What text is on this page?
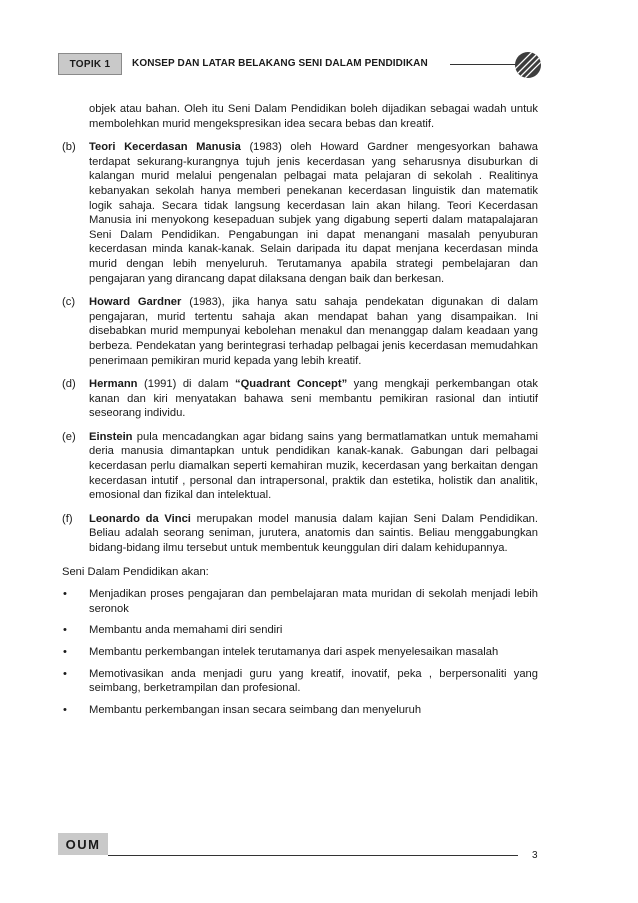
TOPIK 1	KONSEP DAN LATAR BELAKANG SENI DALAM PENDIDIKAN

objek atau bahan. Oleh itu Seni Dalam Pendidikan boleh dijadikan sebagai wadah untuk membolehkan murid mengekspresikan idea secara bebas dan kreatif.

(b) Teori Kecerdasan Manusia (1983) oleh Howard Gardner mengesyorkan bahawa terdapat sekurang-kurangnya tujuh jenis kecerdasan yang seharusnya disuburkan di kalangan murid melalui pengenalan pelbagai mata pelajaran di sekolah . Realitinya kebanyakan sekolah hanya memberi penekanan kecerdasan linguistik dan matematik logik sahaja. Secara tidak langsung kecerdasan lain akan hilang. Teori Kecerdasan Manusia ini menyokong kesepaduan subjek yang digabung seperti dalam matapalajaran Seni Dalam Pendidikan. Pengabungan ini dapat menangani masalah penyuburan kecerdasan minda kanak-kanak. Selain daripada itu dapat menjana kecerdasan minda murid dengan lebih menyeluruh. Terutamanya apabila strategi pembelajaran dan pengajaran yang dirancang dapat dilaksana dengan baik dan berkesan.
(c) Howard Gardner (1983), jika hanya satu sahaja pendekatan digunakan di dalam pengajaran, murid tertentu sahaja akan mendapat bahan yang disampaikan. Ini disebabkan murid mempunyai kebolehan menakul dan menanggap dalam keadaan yang berbeza. Pendekatan yang berintegrasi terhadap pelbagai jenis kecerdasan memudahkan penerimaan pemikiran murid kepada yang lebih kreatif.
(d) Hermann (1991) di dalam “Quadrant Concept” yang mengkaji perkembangan otak kanan dan kiri menyatakan bahawa seni membantu pemikiran rasional dan intiutif seseorang individu.
(e) Einstein pula mencadangkan agar bidang sains yang bermatlamatkan untuk memahami deria manusia dimantapkan untuk pendidikan kanak-kanak. Gabungan dari pelbagai kecerdasan perlu diamalkan seperti kemahiran muzik, kecerdasan yang berkaitan dengan kecerdasan intutif , personal dan intrapersonal, praktik dan estetika, holistik dan analitik, emosional dan fizikal dan intelektual.
(f) Leonardo da Vinci merupakan model manusia dalam kajian Seni Dalam Pendidikan. Beliau adalah seorang seniman, jurutera, anatomis dan saintis. Beliau menggabungkan bidang-bidang ilmu tersebut untuk membentuk keunggulan diri dalam kehidupannya.

Seni Dalam Pendidikan akan:

• Menjadikan proses pengajaran dan pembelajaran mata muridan di sekolah menjadi lebih seronok
• Membantu anda memahami diri sendiri
• Membantu perkembangan intelek terutamanya dari aspek menyelesaikan masalah
• Memotivasikan anda menjadi guru yang kreatif, inovatif, peka , berpersonaliti yang seimbang, berketrampilan dan profesional.
• Membantu perkembangan insan secara seimbang dan menyeluruh
OUM
3
